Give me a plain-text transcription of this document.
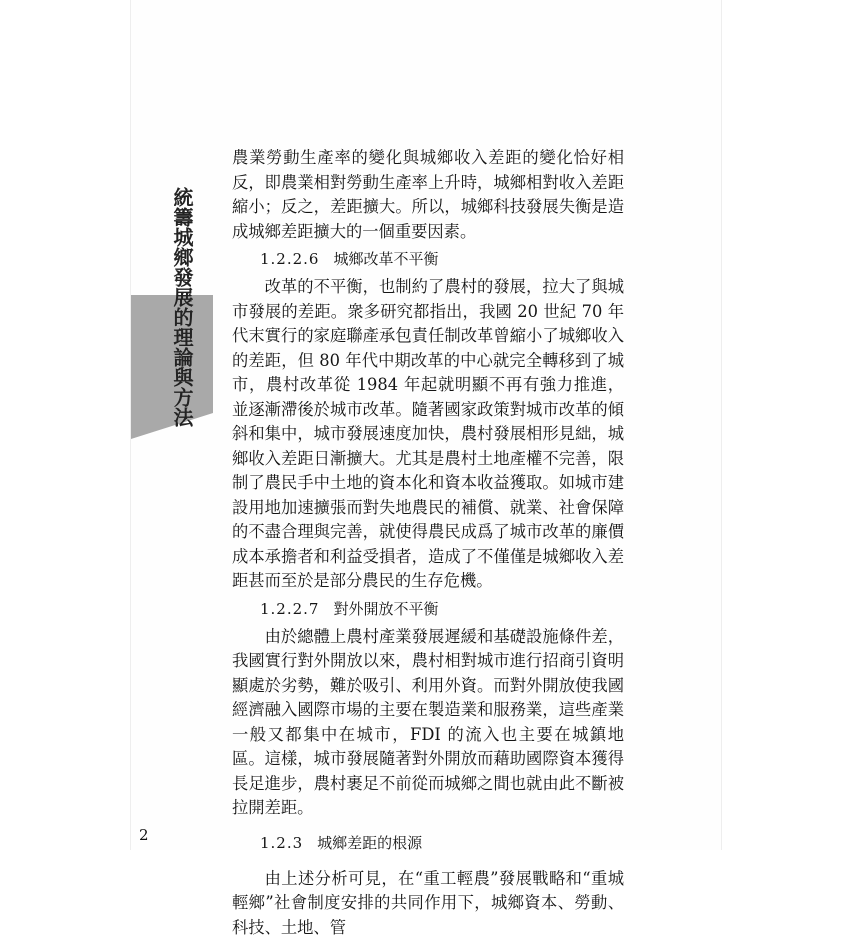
統籌城鄉發展的理論與方法

農業勞動生產率的變化與城鄉收入差距的變化恰好相反，即農業相對勞動生產率上升時，城鄉相對收入差距縮小；反之，差距擴大。所以，城鄉科技發展失衡是造成城鄉差距擴大的一個重要因素。

1.2.2.6 城鄉改革不平衡

改革的不平衡，也制約了農村的發展，拉大了與城市發展的差距。衆多研究都指出，我國 20 世紀 70 年代末實行的家庭聯產承包責任制改革曾縮小了城鄉收入的差距，但 80 年代中期改革的中心就完全轉移到了城市，農村改革從 1984 年起就明顯不再有強力推進，並逐漸滯後於城市改革。隨著國家政策對城市改革的傾斜和集中，城市發展速度加快，農村發展相形見絀，城鄉收入差距日漸擴大。尤其是農村土地產權不完善，限制了農民手中土地的資本化和資本收益獲取。如城市建設用地加速擴張而對失地農民的補償、就業、社會保障的不盡合理與完善，就使得農民成爲了城市改革的廉價成本承擔者和利益受損者，造成了不僅僅是城鄉收入差距甚而至於是部分農民的生存危機。

1.2.2.7 對外開放不平衡

由於總體上農村產業發展遲緩和基礎設施條件差，我國實行對外開放以來，農村相對城市進行招商引資明顯處於劣勢，難於吸引、利用外資。而對外開放使我國經濟融入國際市場的主要在製造業和服務業，這些產業一般又都集中在城市，FDI 的流入也主要在城鎮地區。這樣，城市發展隨著對外開放而藉助國際資本獲得長足進步，農村裹足不前從而城鄉之間也就由此不斷被拉開差距。

1.2.3 城鄉差距的根源

由上述分析可見，在“重工輕農”發展戰略和“重城輕鄉”社會制度安排的共同作用下，城鄉資本、勞動、科技、土地、管

2
